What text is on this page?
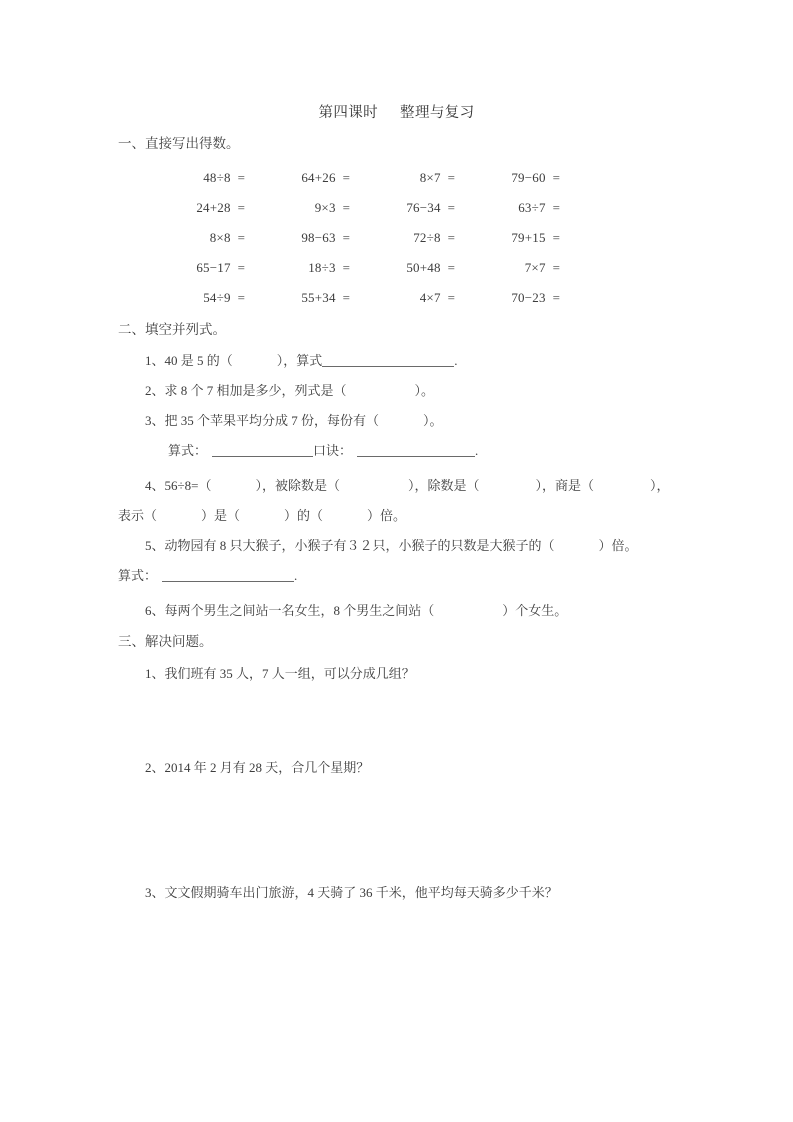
第四课时 整理与复习
一、直接写出得数。
48÷8 =	64+26 =	8×7 =	79−60 =
24+28 =	9×3 =	76−34 =	63÷7 =
8×8 =	98−63 =	72÷8 =	79+15 =
65−17 =	18÷3 =	50+48 =	7×7 =
54÷9 =	55+34 =	4×7 =	70−23 =
二、填空并列式。
1、40 是 5 的（	），算式	.
2、求 8 个 7 相加是多少，列式是（	）。
3、把 35 个苹果平均分成 7 份，每份有（	）。
算式：	口诀：	.
4、56÷8=（	），被除数是（	），除数是（	），商是（	），
表示（	）是（	）的（	）倍。
5、动物园有 8 只大猴子，小猴子有３２只，小猴子的只数是大猴子的（	）倍。
算式：	.
6、每两个男生之间站一名女生，8 个男生之间站（	）个女生。
三、解决问题。
1、我们班有 35 人，7 人一组，可以分成几组？
2、2014 年 2 月有 28 天，合几个星期？
3、文文假期骑车出门旅游，4 天骑了 36 千米，他平均每天骑多少千米？
